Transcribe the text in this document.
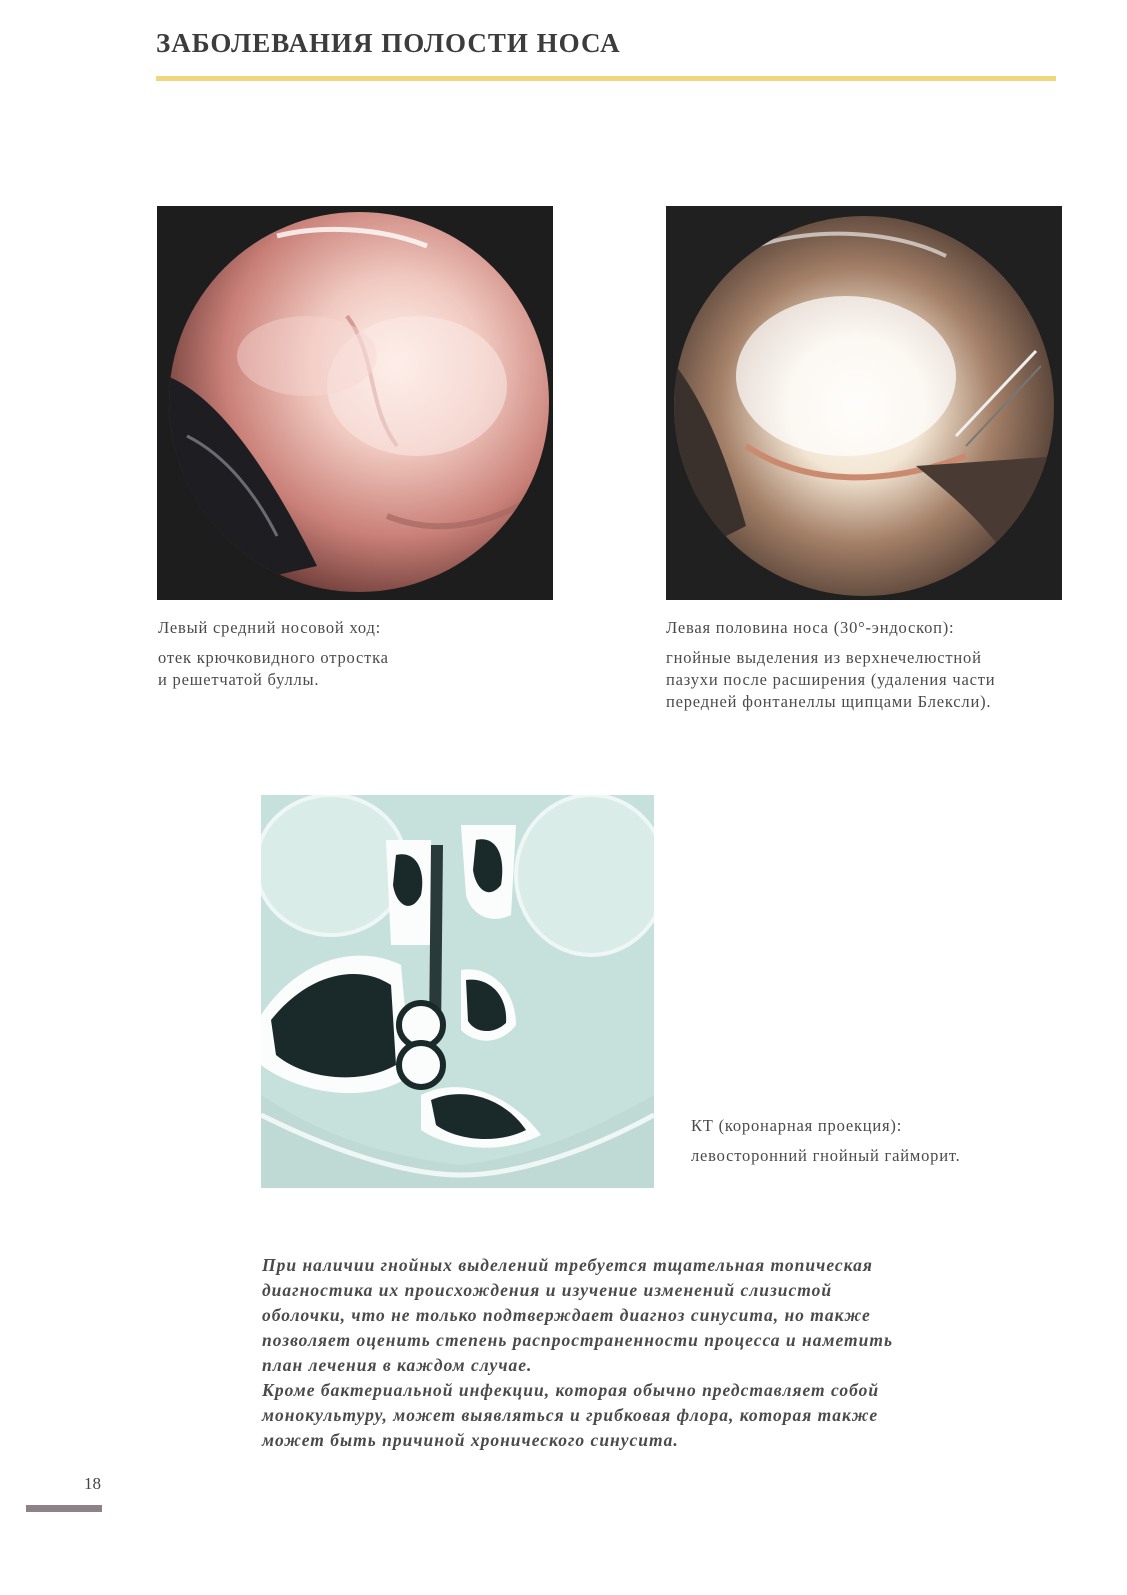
ЗАБОЛЕВАНИЯ ПОЛОСТИ НОСА
Левый средний носовой ход:
отек крючковидного отростка
и решетчатой буллы.
Левая половина носа (30°-эндоскоп):
гнойные выделения из верхнечелюстной
пазухи после расширения (удаления части
передней фонтанеллы щипцами Блексли).
КТ (коронарная проекция):
левосторонний гнойный гайморит.

При наличии гнойных выделений требуется тщательная топическая

диагностика их происхождения и изучение изменений слизистой

оболочки, что не только подтверждает диагноз синусита, но также

позволяет оценить степень распространенности процесса и наметить

план лечения в каждом случае.

Кроме бактериальной инфекции, которая обычно представляет собой

монокультуру, может выявляться и грибковая флора, которая также

может быть причиной хронического синусита.

18
